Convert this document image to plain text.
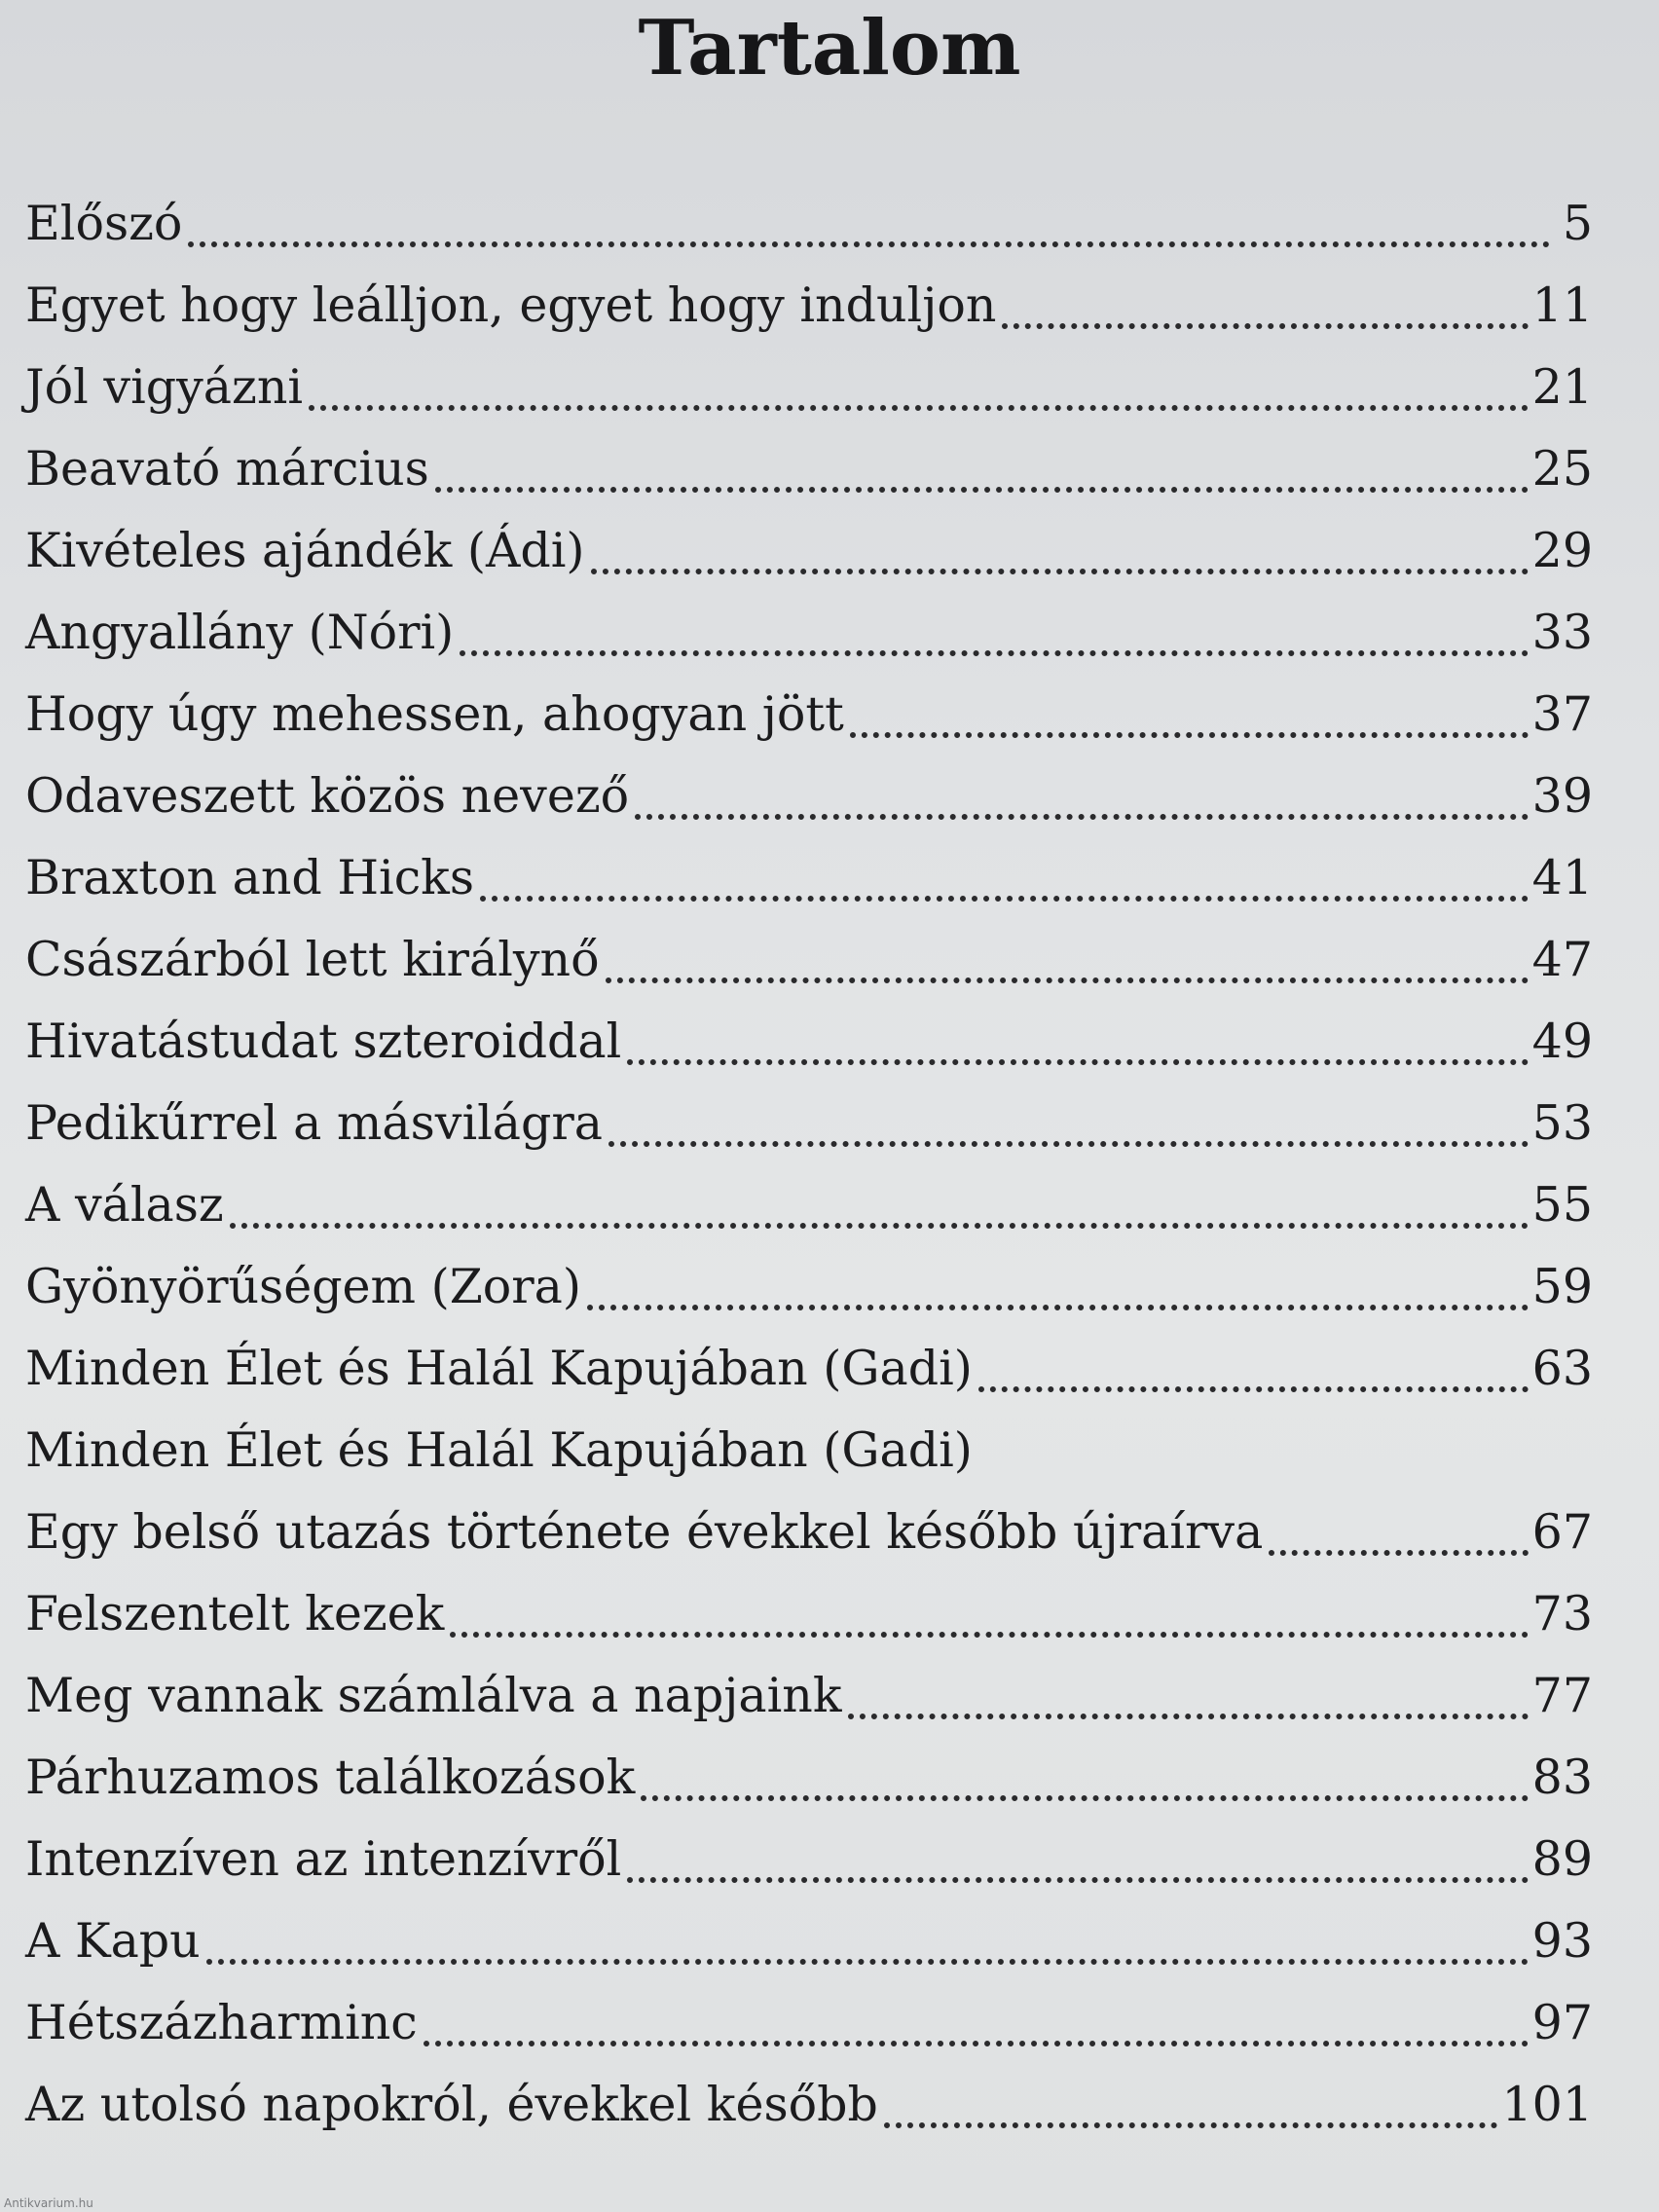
Tartalom
Előszó	5
Egyet hogy leálljon, egyet hogy induljon	11
Jól vigyázni	21
Beavató március	25
Kivételes ajándék (Ádi)	29
Angyallány (Nóri)	33
Hogy úgy mehessen, ahogyan jött	37
Odaveszett közös nevező	39
Braxton and Hicks	41
Császárból lett királynő	47
Hivatástudat szteroiddal	49
Pedikűrrel a másvilágra	53
A válasz	55
Gyönyörűségem (Zora)	59
Minden Élet és Halál Kapujában (Gadi)	63
Minden Élet és Halál Kapujában (Gadi)
Egy belső utazás története évekkel később újraírva	67
Felszentelt kezek	73
Meg vannak számlálva a napjaink	77
Párhuzamos találkozások	83
Intenzíven az intenzívről	89
A Kapu	93
Hétszázharminc	97
Az utolsó napokról, évekkel később	101
Antikvarium.hu
